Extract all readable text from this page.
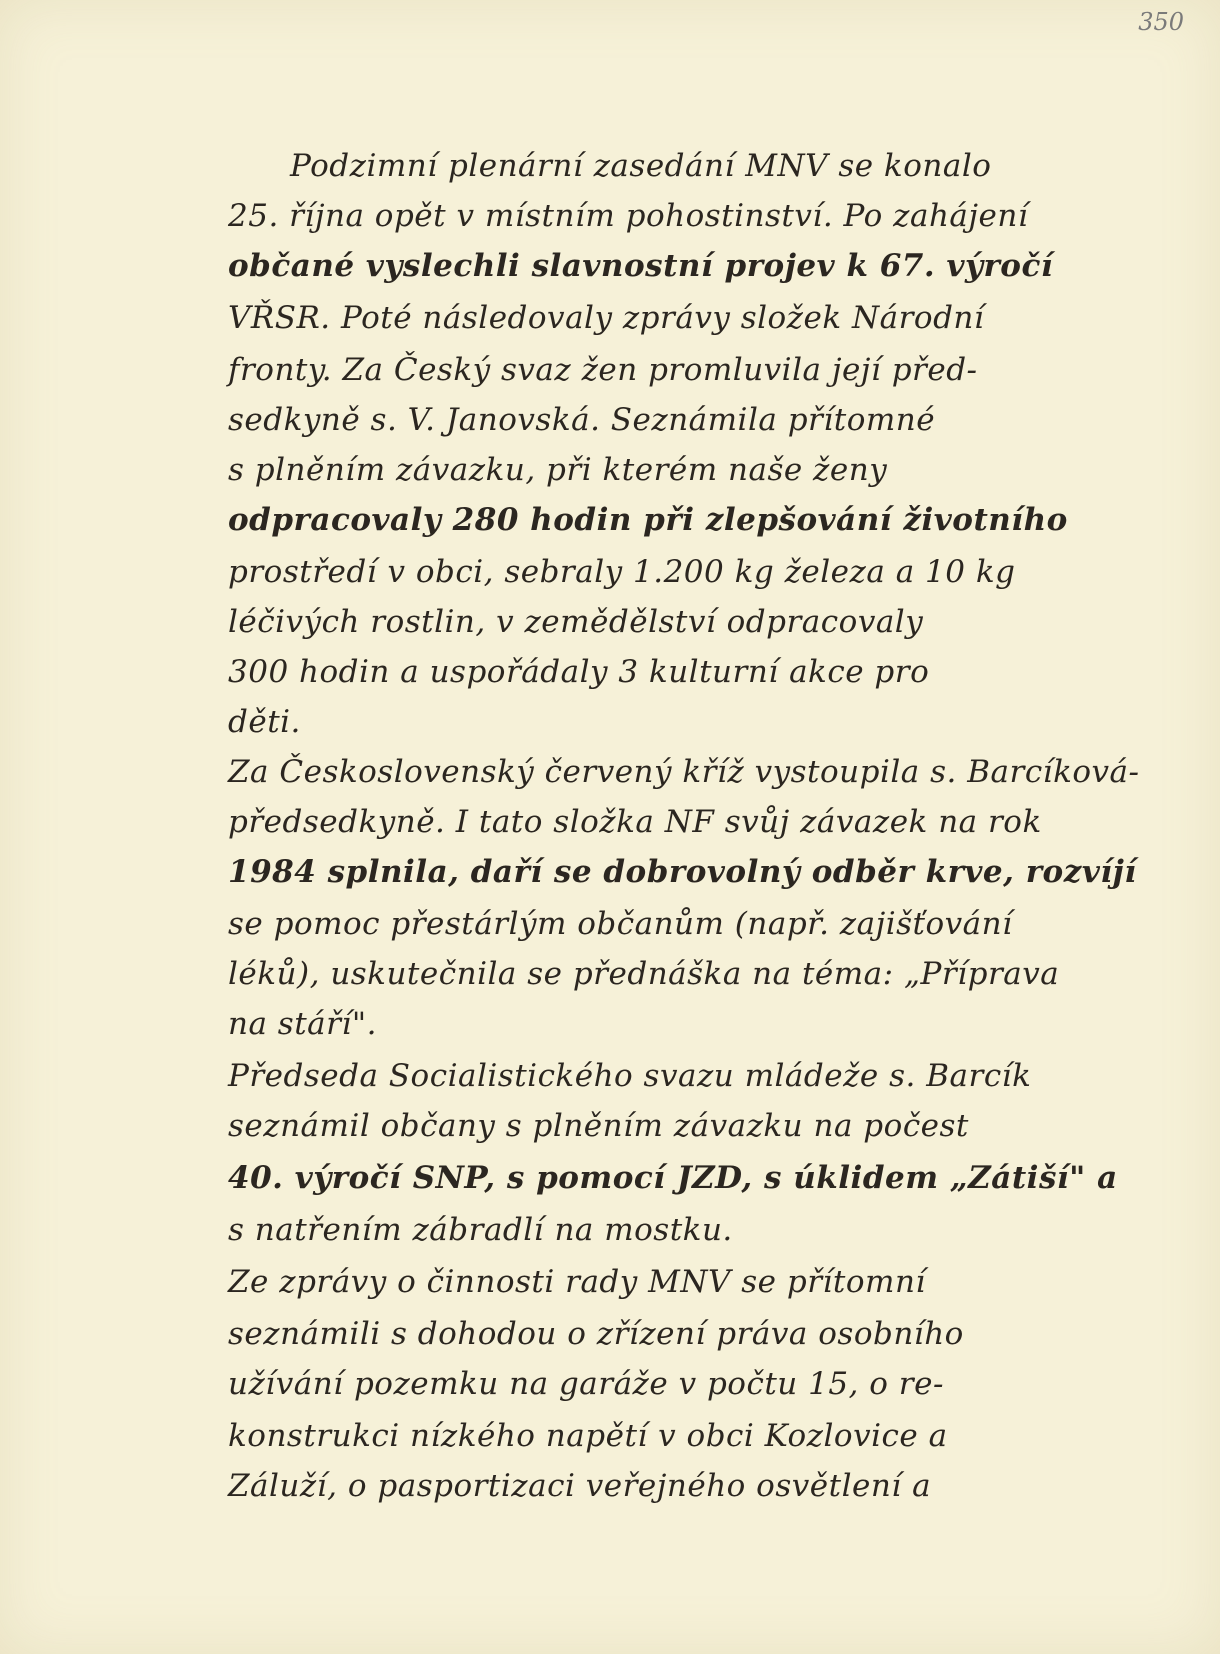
350
Podzimní plenární zasedání MNV se konalo
25. října opět v místním pohostinství. Po zahájení
občané vyslechli slavnostní projev k 67. výročí
VŘSR. Poté následovaly zprávy složek Národní
fronty. Za Český svaz žen promluvila její před-
sedkyně s. V. Janovská. Seznámila přítomné
s plněním závazku, při kterém naše ženy
odpracovaly 280 hodin při zlepšování životního
prostředí v obci, sebraly 1.200 kg železa a 10 kg
léčivých rostlin, v zemědělství odpracovaly
300 hodin a uspořádaly 3 kulturní akce pro
děti.
Za Československý červený kříž vystoupila s. Barcíková-
předsedkyně. I tato složka NF svůj závazek na rok
1984 splnila, daří se dobrovolný odběr krve, rozvíjí
se pomoc přestárlým občanům (např. zajišťování
léků), uskutečnila se přednáška na téma: „Příprava
na stáří".
Předseda Socialistického svazu mládeže s. Barcík
seznámil občany s plněním závazku na počest
40. výročí SNP, s pomocí JZD, s úklidem „Zátiší" a
s natřením zábradlí na mostku.
Ze zprávy o činnosti rady MNV se přítomní
seznámili s dohodou o zřízení práva osobního
užívání pozemku na garáže v počtu 15, o re-
konstrukci nízkého napětí v obci Kozlovice a
Záluží, o pasportizaci veřejného osvětlení a
